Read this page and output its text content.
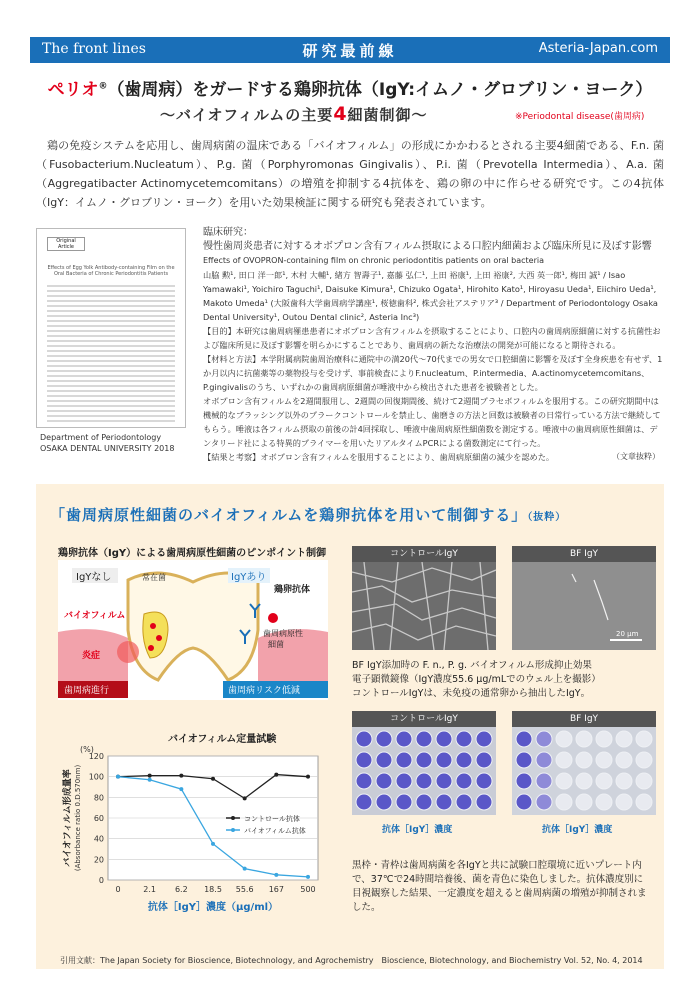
The front lines	研究最前線	Asteria-Japan.com
ペリオ®（歯周病）をガードする鶏卵抗体（IgY:イムノ・グロブリン・ヨーク）
～バイオフィルムの主要4細菌制御～	※Periodontal disease(歯周病)

鶏の免疫システムを応用し、歯周病菌の温床である「バイオフィルム」の形成にかかわるとされる主要4細菌である、F.n. 菌（Fusobacterium.Nucleatum）、P.g. 菌（Porphyromonas Gingivalis）、P.i. 菌（Prevotella Intermedia）、A.a. 菌（Aggregatibacter Actinomycetemcomitans）の増殖を抑制する4抗体を、鶏の卵の中に作らせる研究です。この4抗体（IgY：イムノ・グロブリン・ヨーク）を用いた効果検証に関する研究も発表されています。

Original Article
Effects of Egg Yolk Antibody-containing Film on the Oral Bacteria of Chronic Periodontitis Patients
Department of Periodontology
OSAKA DENTAL UNIVERSITY 2018
臨床研究：
慢性歯周炎患者に対するオボプロン含有フィルム摂取による口腔内細菌および臨床所見に及ぼす影響
Effects of OVOPRON-containing film on chronic periodontitis patients on oral bacteria
山脇 勲¹, 田口 洋一郎¹, 木村 大輔¹, 緒方 智壽子¹, 嘉藤 弘仁¹, 上田 裕康¹, 上田 裕康², 大西 英一郎¹, 梅田 誠¹ / Isao Yamawaki¹, Yoichiro Taguchi¹, Daisuke Kimura¹, Chizuko Ogata¹, Hirohito Kato¹, Hiroyasu Ueda¹, Eiichiro Ueda¹, Makoto Umeda¹ (大阪歯科大学歯周病学講座¹, 桜徳歯科², 株式会社アステリア³ / Department of Periodontology Osaka Dental University¹, Outou Dental clinic², Asteria Inc³)
【目的】本研究は歯周病罹患患者にオボプロン含有フィルムを摂取することにより、口腔内の歯周病原細菌に対する抗菌性および臨床所見に及ぼす影響を明らかにすることであり、歯周病の新たな治療法の開発が可能になると期待される。
【材料と方法】本学附属病院歯周治療科に通院中の満20代〜70代までの男女で口腔細菌に影響を及ぼす全身疾患を有せず、1か月以内に抗菌薬等の薬物投与を受けず、事前検査によりF.nucleatum、P.intermedia、A.actinomycetemcomitans、P.gingivalisのうち、いずれかの歯周病原細菌が唾液中から検出された患者を被験者とした。
オボプロン含有フィルムを2週間服用し、2週間の回復期間後、続けて2週間プラセボフィルムを服用する。この研究期間中は機械的なブラッシング以外のプラークコントロールを禁止し、歯磨きの方法と回数は被験者の日常行っている方法で継続してもらう。唾液は各フィルム摂取の前後の計4回採取し、唾液中歯周病原性細菌数を測定する。唾液中の歯周病原性細菌は、デンタリード社による特異的プライマーを用いたリアルタイムPCRによる菌数測定にて行った。
【結果と考察】オボプロン含有フィルムを服用することにより、歯周病原細菌の減少を認めた。	（文章抜粋）
「歯周病原性細菌のバイオフィルムを鶏卵抗体を用いて制御する」（抜粋）
鶏卵抗体（IgY）による歯周病原性細菌のピンポイント制御
IgYなし	常在菌	IgYあり
鶏卵抗体
バイオフィルム
歯周病原性
細菌
炎症
歯周病進行	歯周病リスク低減
コントロールIgY	BF IgY
20 µm
BF IgY添加時の F. n., P. g. バイオフィルム形成抑止効果
電子顕微鏡像（IgY濃度55.6 µg/mLでのウェル上を撮影）
コントロールIgYは、未免疫の通常卵から抽出したIgY。
バイオフィルム定量試験
0
20
40
60
80
100
120
0	2.1 6.2 18.5 55.6 167 500
(%)
バイオフィルム形成量率 (Absorbance ratio 0.D.570nm)
抗体［IgY］濃度（µg/ml）
コントロール抗体
バイオフィルム抗体
コントロールIgY	BF IgY
抗体［IgY］濃度	抗体［IgY］濃度
黒枠・青枠は歯周病菌を各IgYと共に試験口腔環境に近いプレート内で、37℃で24時間培養後、菌を青色に染色しました。抗体濃度別に目視観察した結果、一定濃度を超えると歯周病菌の増殖が抑制されました。
引用文献：The Japan Society for Bioscience, Biotechnology, and Agrochemistry　Bioscience, Biotechnology, and Biochemistry Vol. 52, No. 4, 2014
